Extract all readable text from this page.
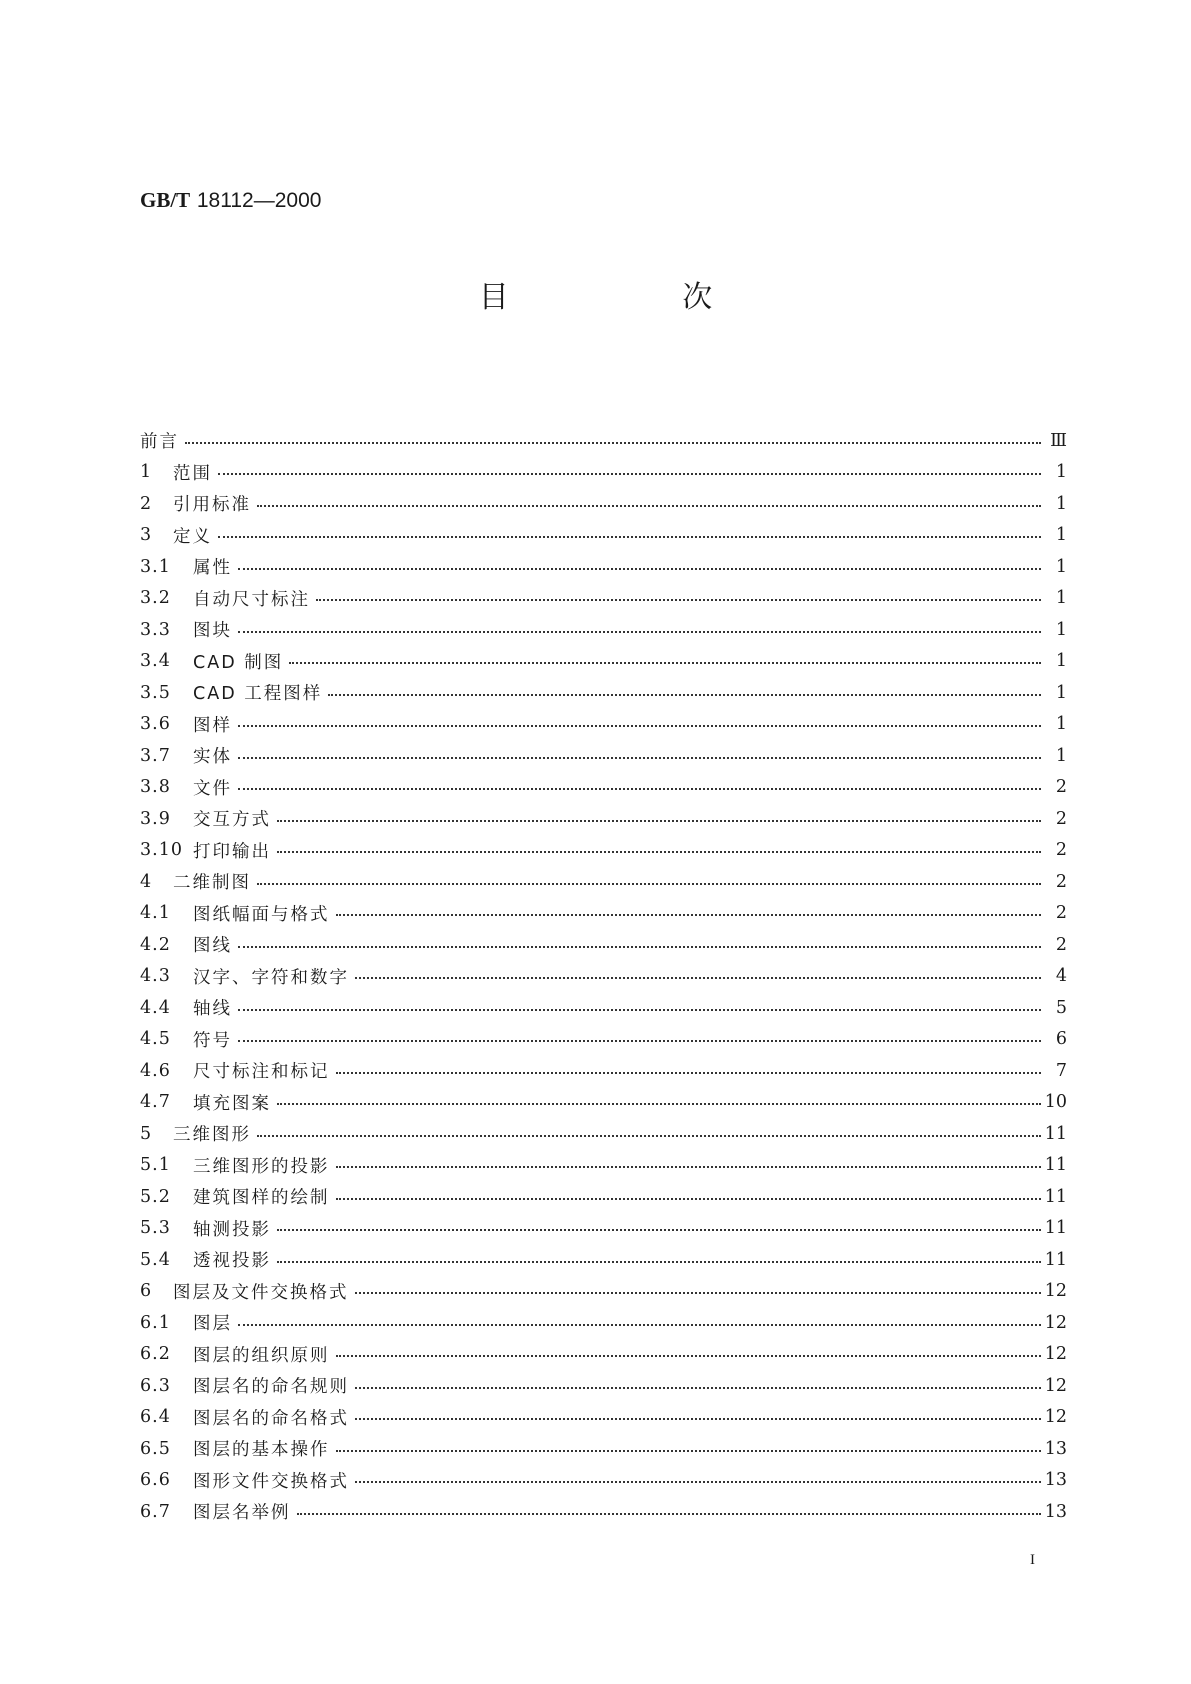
GB/T 18112—2000
目 次
前言	Ⅲ
1	范围	1
2	引用标准	1
3	定义	1
3.1	属性	1
3.2	自动尺寸标注	1
3.3	图块	1
3.4	CAD 制图	1
3.5	CAD 工程图样	1
3.6	图样	1
3.7	实体	1
3.8	文件	2
3.9	交互方式	2
3.10 打印输出	2
4	二维制图	2
4.1	图纸幅面与格式	2
4.2	图线	2
4.3	汉字、字符和数字	4
4.4	轴线	5
4.5	符号	6
4.6	尺寸标注和标记	7
4.7	填充图案	10
5	三维图形	11
5.1	三维图形的投影	11
5.2	建筑图样的绘制	11
5.3	轴测投影	11
5.4	透视投影	11
6	图层及文件交换格式	12
6.1	图层	12
6.2	图层的组织原则	12
6.3	图层名的命名规则	12
6.4	图层名的命名格式	12
6.5	图层的基本操作	13
6.6	图形文件交换格式	13
6.7	图层名举例	13
I
